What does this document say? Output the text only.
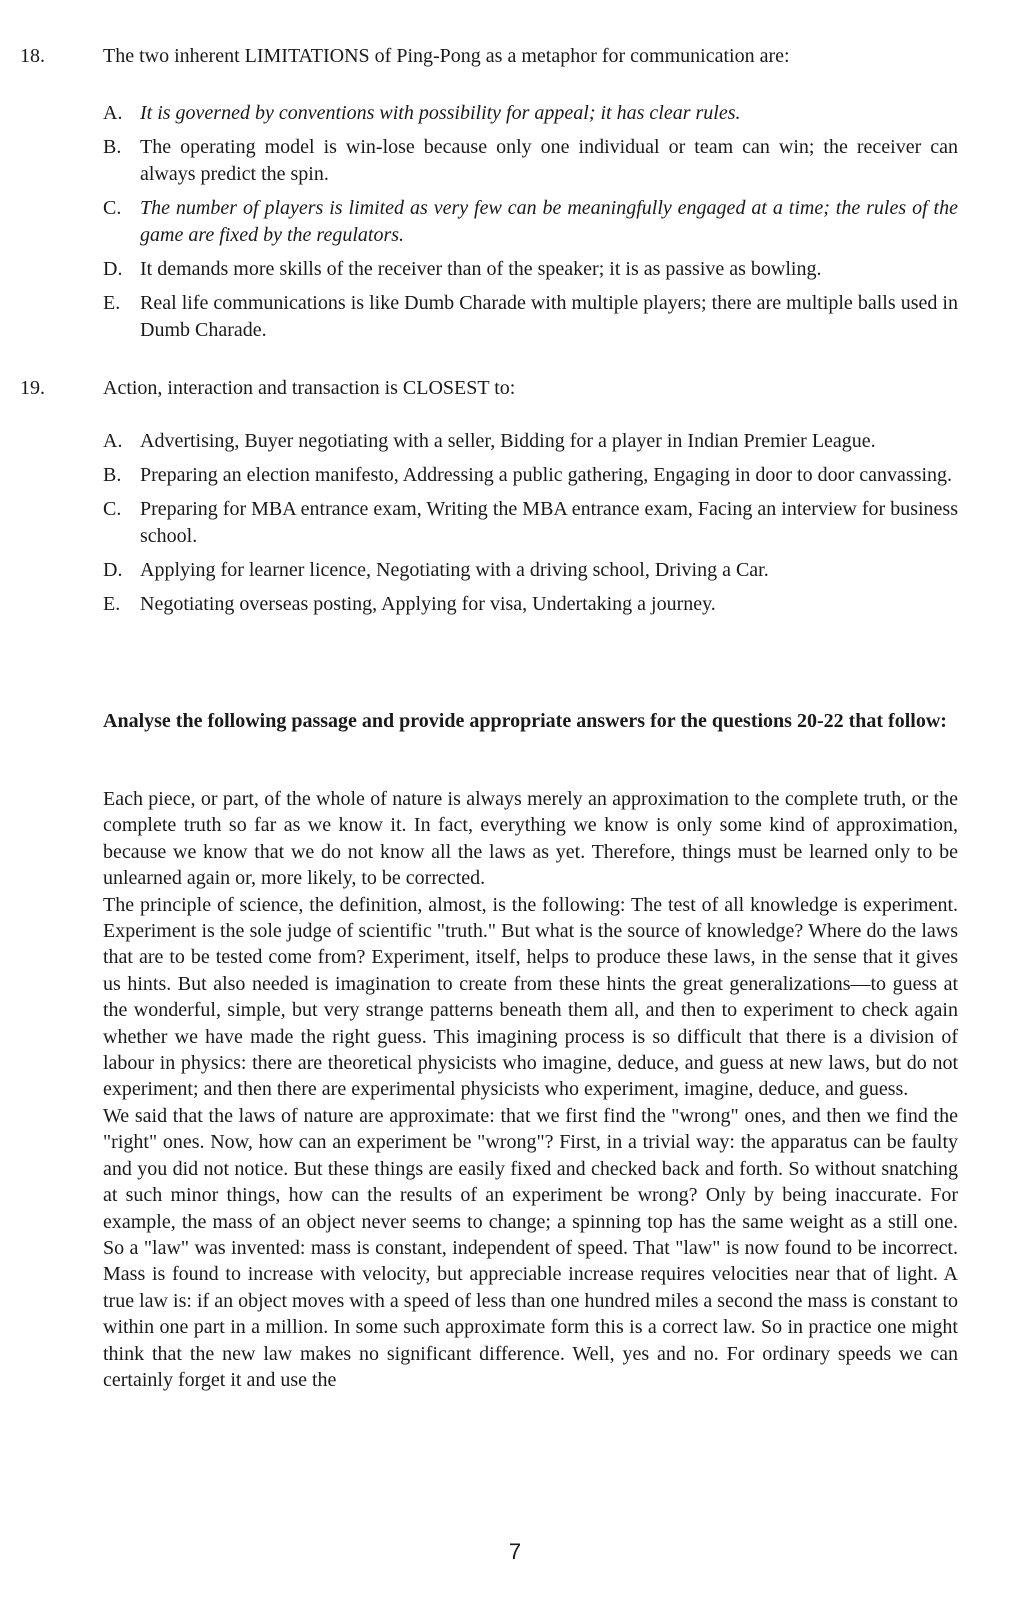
18.	The two inherent LIMITATIONS of Ping-Pong as a metaphor for communication are:
A. It is governed by conventions with possibility for appeal; it has clear rules.
B. The operating model is win-lose because only one individual or team can win; the receiver can always predict the spin.
C. The number of players is limited as very few can be meaningfully engaged at a time; the rules of the game are fixed by the regulators.
D. It demands more skills of the receiver than of the speaker; it is as passive as bowling.
E. Real life communications is like Dumb Charade with multiple players; there are multiple balls used in Dumb Charade.
19.	Action, interaction and transaction is CLOSEST to:
A. Advertising, Buyer negotiating with a seller, Bidding for a player in Indian Premier League.
B. Preparing an election manifesto, Addressing a public gathering, Engaging in door to door canvassing.
C. Preparing for MBA entrance exam, Writing the MBA entrance exam, Facing an interview for business school.
D. Applying for learner licence, Negotiating with a driving school, Driving a Car.
E. Negotiating overseas posting, Applying for visa, Undertaking a journey.
Analyse the following passage and provide appropriate answers for the questions 20-22 that follow:

Each piece, or part, of the whole of nature is always merely an approximation to the complete truth, or the complete truth so far as we know it. In fact, everything we know is only some kind of approximation, because we know that we do not know all the laws as yet. Therefore, things must be learned only to be unlearned again or, more likely, to be corrected.

The principle of science, the definition, almost, is the following: The test of all knowledge is experiment. Experiment is the sole judge of scientific "truth." But what is the source of knowledge? Where do the laws that are to be tested come from? Experiment, itself, helps to produce these laws, in the sense that it gives us hints. But also needed is imagination to create from these hints the great generalizations—to guess at the wonderful, simple, but very strange patterns beneath them all, and then to experiment to check again whether we have made the right guess. This imagining process is so difficult that there is a division of labour in physics: there are theoretical physicists who imagine, deduce, and guess at new laws, but do not experiment; and then there are experimental physicists who experiment, imagine, deduce, and guess.

We said that the laws of nature are approximate: that we first find the "wrong" ones, and then we find the "right" ones. Now, how can an experiment be "wrong"? First, in a trivial way: the apparatus can be faulty and you did not notice. But these things are easily fixed and checked back and forth. So without snatching at such minor things, how can the results of an experiment be wrong? Only by being inaccurate. For example, the mass of an object never seems to change; a spinning top has the same weight as a still one. So a "law" was invented: mass is constant, independent of speed. That "law" is now found to be incorrect. Mass is found to increase with velocity, but appreciable increase requires velocities near that of light. A true law is: if an object moves with a speed of less than one hundred miles a second the mass is constant to within one part in a million. In some such approximate form this is a correct law. So in practice one might think that the new law makes no significant difference. Well, yes and no. For ordinary speeds we can certainly forget it and use the

7
